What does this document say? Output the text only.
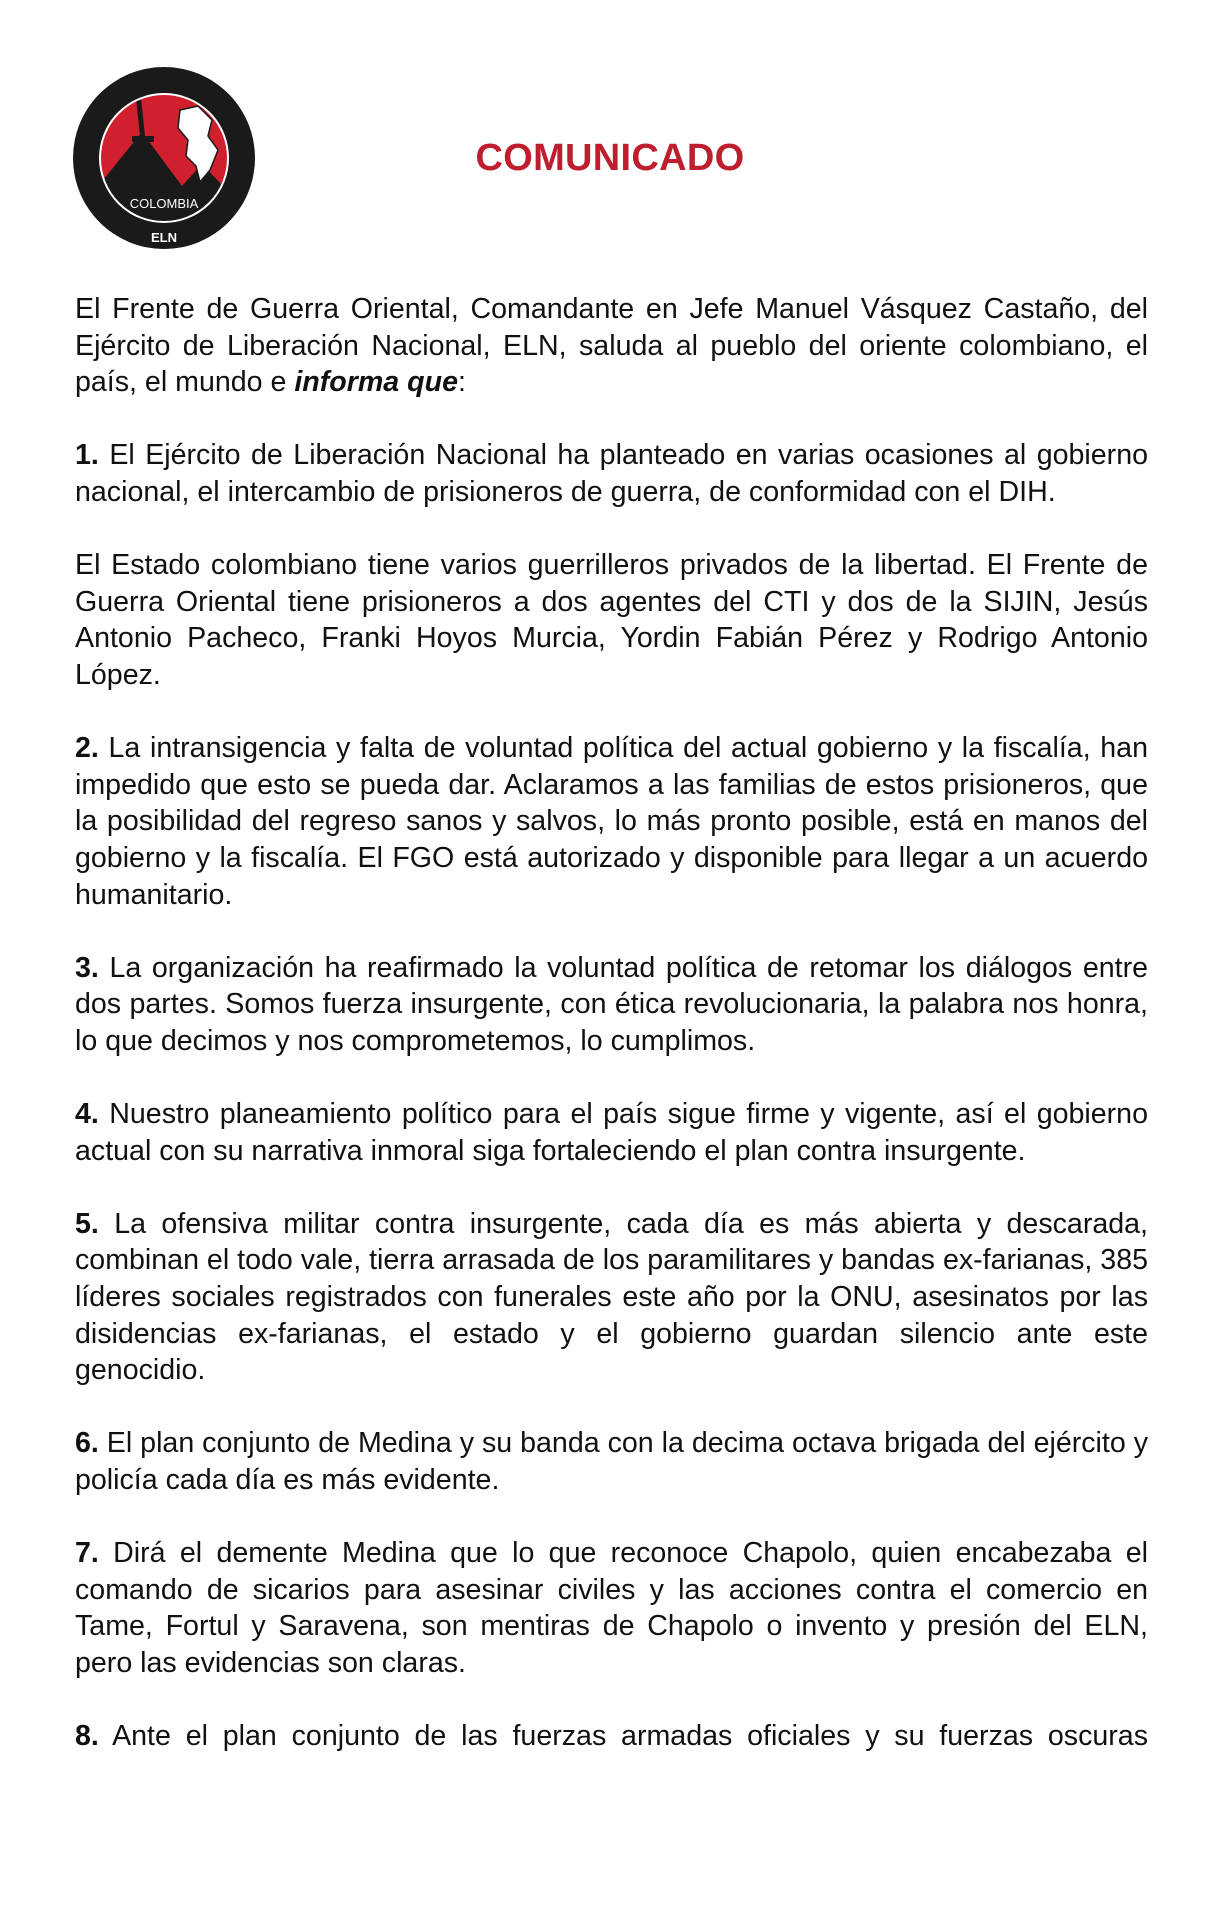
NI UN PASO ATRÁS LIBERACIÓN O MUERTE
COLOMBIA
ELN
COMUNICADO

El Frente de Guerra Oriental, Comandante en Jefe Manuel Vásquez Castaño, del Ejército de Liberación Nacional, ELN, saluda al pueblo del oriente colombiano, el país, el mundo e informa que:

1. El Ejército de Liberación Nacional ha planteado en varias ocasiones al gobierno nacional, el intercambio de prisioneros de guerra, de conformidad con el DIH.

El Estado colombiano tiene varios guerrilleros privados de la libertad. El Frente de Guerra Oriental tiene prisioneros a dos agentes del CTI y dos de la SIJIN, Jesús Antonio Pacheco, Franki Hoyos Murcia, Yordin Fabián Pérez y Rodrigo Antonio López.

2. La intransigencia y falta de voluntad política del actual gobierno y la fiscalía, han impedido que esto se pueda dar. Aclaramos a las familias de estos prisioneros, que la posibilidad del regreso sanos y salvos, lo más pronto posible, está en manos del gobierno y la fiscalía. El FGO está autorizado y disponible para llegar a un acuerdo humanitario.

3. La organización ha reafirmado la voluntad política de retomar los diálogos entre dos partes. Somos fuerza insurgente, con ética revolucionaria, la palabra nos honra, lo que decimos y nos comprometemos, lo cumplimos.

4. Nuestro planeamiento político para el país sigue firme y vigente, así el gobierno actual con su narrativa inmoral siga fortaleciendo el plan contra insurgente.

5. La ofensiva militar contra insurgente, cada día es más abierta y descarada, combinan el todo vale, tierra arrasada de los paramilitares y bandas ex-farianas, 385 líderes sociales registrados con funerales este año por la ONU, asesinatos por las disidencias ex-farianas, el estado y el gobierno guardan silencio ante este genocidio.

6. El plan conjunto de Medina y su banda con la decima octava brigada del ejército y policía cada día es más evidente.

7. Dirá el demente Medina que lo que reconoce Chapolo, quien encabezaba el comando de sicarios para asesinar civiles y las acciones contra el comercio en Tame, Fortul y Saravena, son mentiras de Chapolo o invento y presión del ELN, pero las evidencias son claras.

8. Ante el plan conjunto de las fuerzas armadas oficiales y su fuerzas oscuras
